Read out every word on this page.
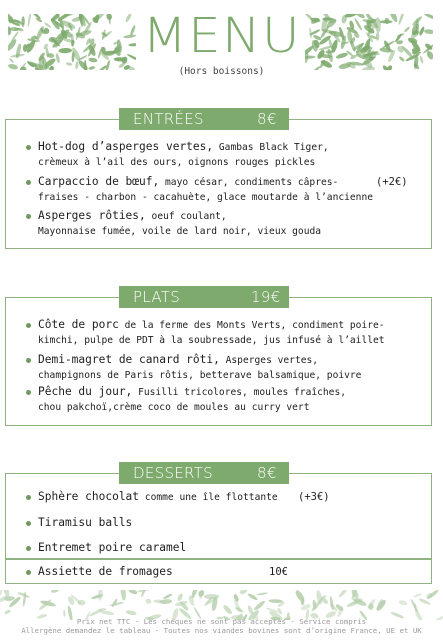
MENU
(Hors boissons)
ENTRÉES	8€
Hot-dog d’asperges vertes, Gambas Black Tiger,
crèmeux à l’ail des ours, oignons rouges pickles
Carpaccio de bœuf, mayo césar, condiments câpres-
fraises - charbon - cacahuète, glace moutarde à l’ancienne
(+2€)
Asperges rôties, oeuf coulant,
Mayonnaise fumée, voile de lard noir, vieux gouda
PLATS	19€
Côte de porc de la ferme des Monts Verts, condiment poire-
kimchi, pulpe de PDT à la soubressade, jus infusé à l’aillet
Demi-magret de canard rôti, Asperges vertes,
champignons de Paris rôtis, betterave balsamique, poivre
Pêche du jour, Fusilli tricolores, moules fraîches,
chou pakchoï,crème coco de moules au curry vert
DESSERTS	8€
Sphère chocolat comme une île flottante (+3€)
Tiramisu balls
Entremet poire caramel
Assiette de fromages	10€
Prix net TTC - Les chèques ne sont pas acceptés - Service compris
Allergène demandez le tableau - Toutes nos viandes bovines sont d’origine France, UE et UK
